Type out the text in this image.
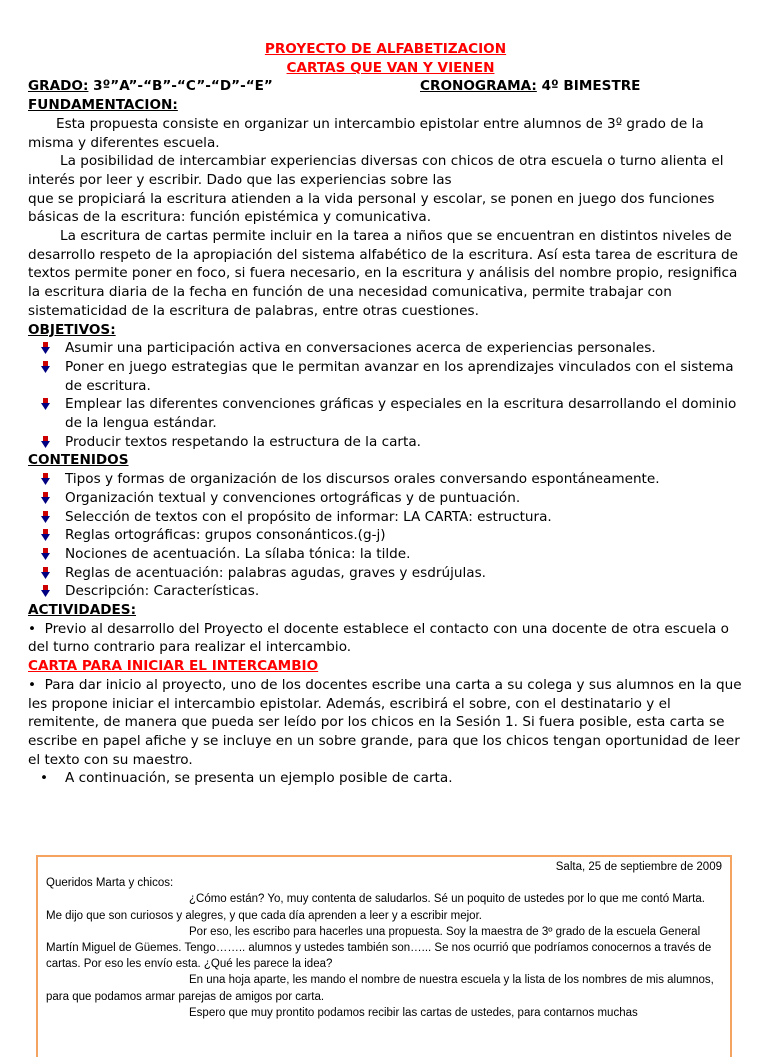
PROYECTO DE ALFABETIZACION
CARTAS QUE VAN Y VIENEN
GRADO: 3º”A”-“B”-“C”-“D”-“E”	CRONOGRAMA: 4º BIMESTRE
FUNDAMENTACION:

Esta propuesta consiste en organizar un intercambio epistolar entre alumnos de 3º grado de la misma y diferentes escuela.

La posibilidad de intercambiar experiencias diversas con chicos de otra escuela o turno alienta el interés por leer y escribir. Dado que las experiencias sobre las

que se propiciará la escritura atienden a la vida personal y escolar, se ponen en juego dos funciones básicas de la escritura: función epistémica y comunicativa.

La escritura de cartas permite incluir en la tarea a niños que se encuentran en distintos niveles de desarrollo respeto de la apropiación del sistema alfabético de la escritura. Así esta tarea de escritura de textos permite poner en foco, si fuera necesario, en la escritura y análisis del nombre propio, resignifica la escritura diaria de la fecha en función de una necesidad comunicativa, permite trabajar con sistematicidad de la escritura de palabras, entre otras cuestiones.

OBJETIVOS:
Asumir una participación activa en conversaciones acerca de experiencias personales.
Poner en juego estrategias que le permitan avanzar en los aprendizajes vinculados con el sistema de escritura.
Emplear las diferentes convenciones gráficas y especiales en la escritura desarrollando el dominio de la lengua estándar.
Producir textos respetando la estructura de la carta.
CONTENIDOS
Tipos y formas de organización de los discursos orales conversando espontáneamente.
Organización textual y convenciones ortográficas y de puntuación.
Selección de textos con el propósito de informar: LA CARTA: estructura.
Reglas ortográficas: grupos consonánticos.(g-j)
Nociones de acentuación. La sílaba tónica: la tilde.
Reglas de acentuación: palabras agudas, graves y esdrújulas.
Descripción: Características.
ACTIVIDADES:

•  Previo al desarrollo del Proyecto el docente establece el contacto con una docente de otra escuela o del turno contrario para realizar el intercambio.

CARTA PARA INICIAR EL INTERCAMBIO

•  Para dar inicio al proyecto, uno de los docentes escribe una carta a su colega y sus alumnos en la que les propone iniciar el intercambio epistolar. Además, escribirá el sobre, con el destinatario y el remitente, de manera que pueda ser leído por los chicos en la Sesión 1. Si fuera posible, esta carta se escribe en papel afiche y se incluye en un sobre grande, para que los chicos tengan oportunidad de leer el texto con su maestro.

• A continuación, se presenta un ejemplo posible de carta.

Salta, 25 de septiembre de 2009
Queridos Marta y chicos:

¿Cómo están? Yo, muy contenta de saludarlos. Sé un poquito de ustedes por lo que me contó Marta. Me dijo que son curiosos y alegres, y que cada día aprenden a leer y a escribir mejor.

Por eso, les escribo para hacerles una propuesta. Soy la maestra de 3º grado de la escuela General Martín Miguel de Güemes. Tengo…….. alumnos y ustedes también son…... Se nos ocurrió que podríamos conocernos a través de cartas. Por eso les envío esta. ¿Qué les parece la idea?

En una hoja aparte, les mando el nombre de nuestra escuela y la lista de los nombres de mis alumnos, para que podamos armar parejas de amigos por carta.

Espero que muy prontito podamos recibir las cartas de ustedes, para contarnos muchas
